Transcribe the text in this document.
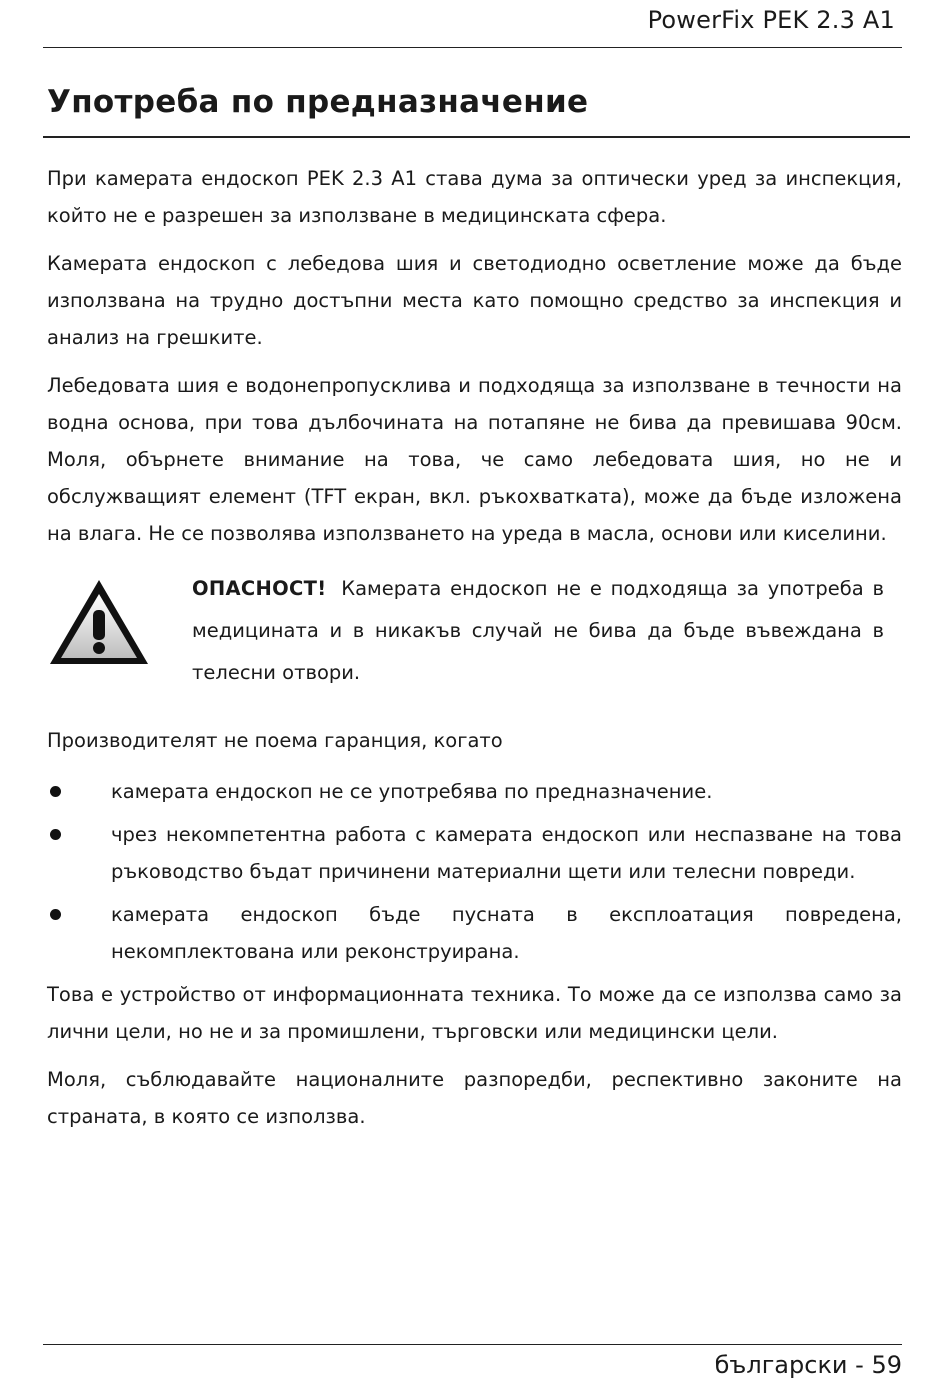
PowerFix PEK 2.3 A1
Употреба по предназначение

При камерата ендоскоп PEK 2.3 A1 става дума за оптически уред за инспекция, който не е разрешен за използване в медицинската сфера.

Камерата ендоскоп с лебедова шия и светодиодно осветление може да бъде използвана на трудно достъпни места като помощно средство за инспекция и анализ на грешките.

Лебедовата шия е водонепропусклива и подходяща за използване в течности на водна основа, при това дълбочината на потапяне не бива да превишава 90см. Моля, обърнете внимание на това, че само лебедовата шия, но не и обслужващият елемент (TFT екран, вкл. ръкохватката), може да бъде изложена на влага. Не се позволява използването на уреда в масла, основи или киселини.

ОПАСНОСТ! Камерата ендоскоп не е подходяща за употреба в медицината и в никакъв случай не бива да бъде въвеждана в телесни отвори.

Производителят не поема гаранция, когато

камерата ендоскоп не се употребява по предназначение.
чрез некомпетентна работа с камерата ендоскоп или неспазване на това ръководство бъдат причинени материални щети или телесни повреди.
камерата ендоскоп бъде пусната в експлоатация повредена, некомплектована или реконструирана.

Това е устройство от информационната техника. То може да се използва само за лични цели, но не и за промишлени, търговски или медицински цели.

Моля, съблюдавайте националните разпоредби, респективно законите на страната, в която се използва.

български - 59
